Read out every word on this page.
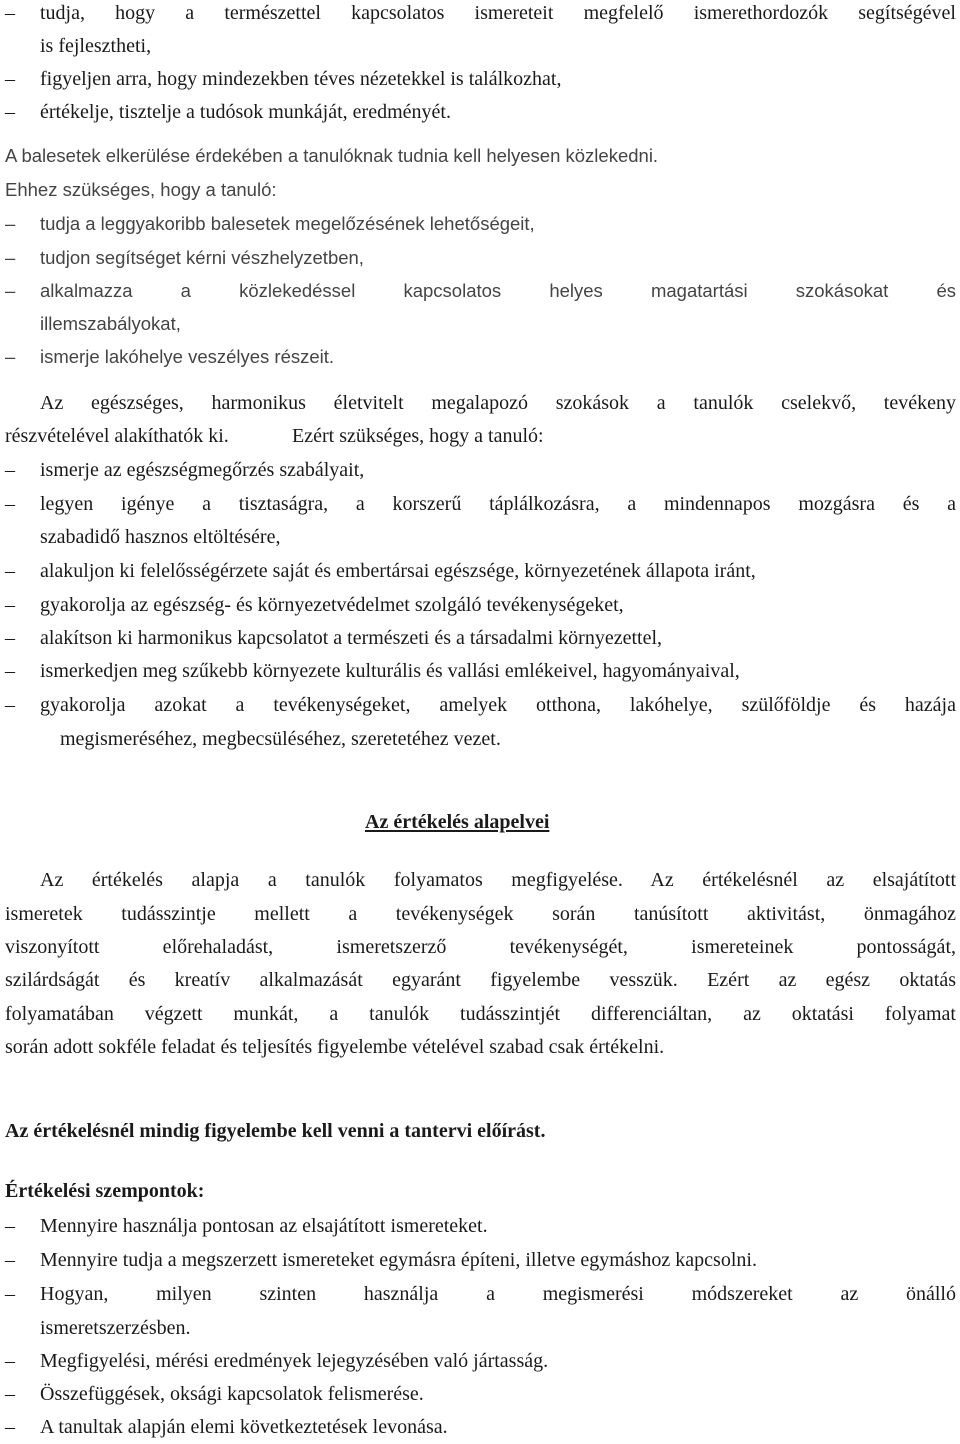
– tudja, hogy a természettel kapcsolatos ismereteit megfelelő ismerethordozók segítségével
is fejlesztheti,
– figyeljen arra, hogy mindezekben téves nézetekkel is találkozhat,
– értékelje, tisztelje a tudósok munkáját, eredményét.
A balesetek elkerülése érdekében a tanulóknak tudnia kell helyesen közlekedni.
Ehhez szükséges, hogy a tanuló:
– tudja a leggyakoribb balesetek megelőzésének lehetőségeit,
– tudjon segítséget kérni vészhelyzetben,
– alkalmazza a közlekedéssel kapcsolatos helyes magatartási szokásokat és
illemszabályokat,
– ismerje lakóhelye veszélyes részeit.
Az egészséges, harmonikus életvitelt megalapozó szokások a tanulók cselekvő, tevékeny
részvételével alakíthatók ki.	Ezért szükséges, hogy a tanuló:
– ismerje az egészségmegőrzés szabályait,
– legyen igénye a tisztaságra, a korszerű táplálkozásra, a mindennapos mozgásra és a
szabadidő hasznos eltöltésére,
– alakuljon ki felelősségérzete saját és embertársai egészsége, környezetének állapota iránt,
– gyakorolja az egészség- és környezetvédelmet szolgáló tevékenységeket,
– alakítson ki harmonikus kapcsolatot a természeti és a társadalmi környezettel,
– ismerkedjen meg szűkebb környezete kulturális és vallási emlékeivel, hagyományaival,
– gyakorolja azokat a tevékenységeket, amelyek otthona, lakóhelye, szülőföldje és hazája
megismeréséhez, megbecsüléséhez, szeretetéhez vezet.
Az értékelés alapelvei
Az értékelés alapja a tanulók folyamatos megfigyelése. Az értékelésnél az elsajátított
ismeretek tudásszintje mellett a tevékenységek során tanúsított aktivitást, önmagához
viszonyított előrehaladást, ismeretszerző tevékenységét, ismereteinek pontosságát,
szilárdságát és kreatív alkalmazását egyaránt figyelembe vesszük. Ezért az egész oktatás
folyamatában végzett munkát, a tanulók tudásszintjét differenciáltan, az oktatási folyamat
során adott sokféle feladat és teljesítés figyelembe vételével szabad csak értékelni.
Az értékelésnél mindig figyelembe kell venni a tantervi előírást.
Értékelési szempontok:
– Mennyire használja pontosan az elsajátított ismereteket.
– Mennyire tudja a megszerzett ismereteket egymásra építeni, illetve egymáshoz kapcsolni.
– Hogyan, milyen szinten használja a megismerési módszereket az önálló
ismeretszerzésben.
– Megfigyelési, mérési eredmények lejegyzésében való jártasság.
– Összefüggések, oksági kapcsolatok felismerése.
– A tanultak alapján elemi következtetések levonása.
